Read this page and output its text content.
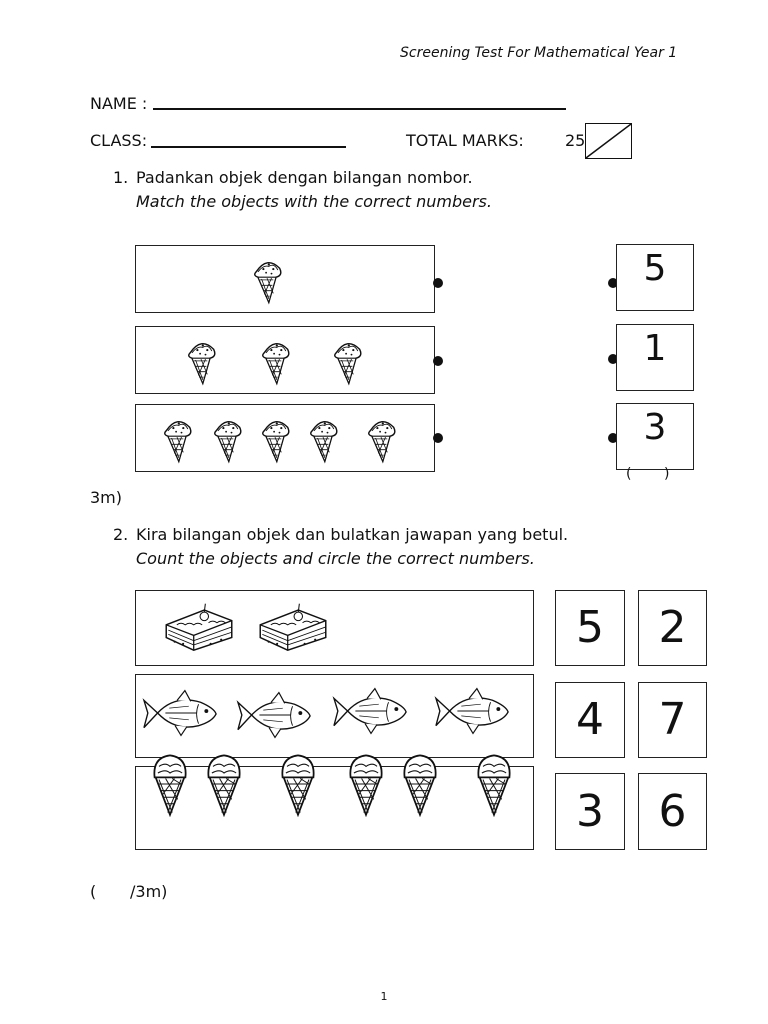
Screening Test For Mathematical Year 1
NAME :
CLASS:	TOTAL MARKS:	25
1. Padankan objek dengan bilangan nombor.
Match the objects with the correct numbers.
5
1
3
( )
3m)
2. Kira bilangan objek dan bulatkan jawapan yang betul.
Count the objects and circle the correct numbers.
5	2
4	7
3	6
( /3m)
1
